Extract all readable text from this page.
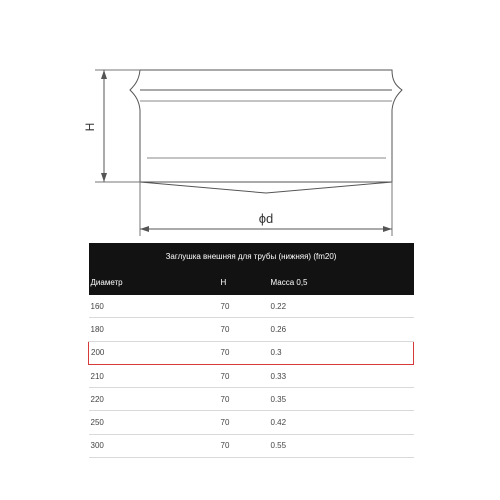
H
ϕd
Заглушка внешняя для трубы (нижняя) (fm20)		
Диаметр	H	Масса 0,5
160	70	0.22
180	70	0.26
200	70	0.3
210	70	0.33
220	70	0.35
250	70	0.42
300	70	0.55
